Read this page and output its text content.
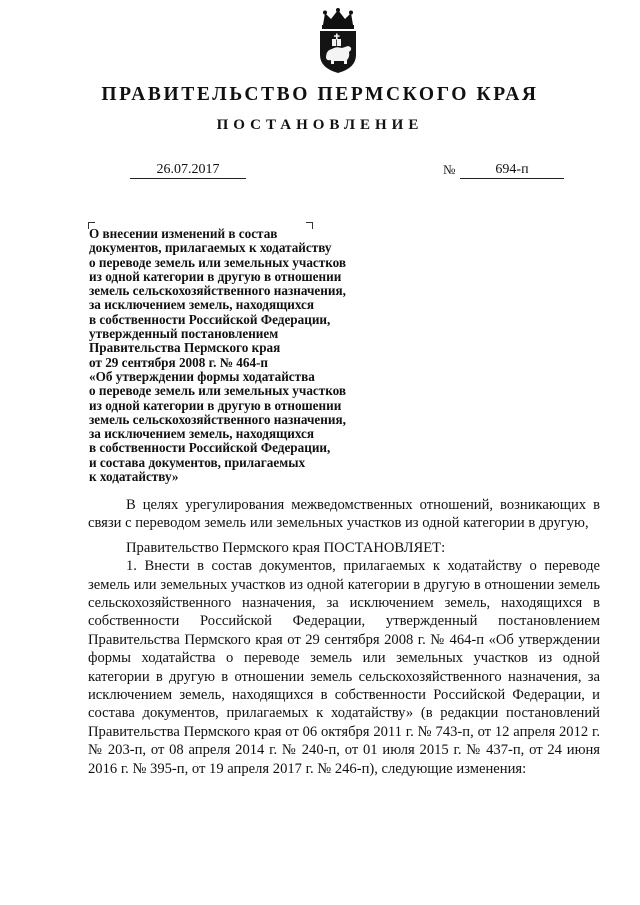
ПРАВИТЕЛЬСТВО ПЕРМСКОГО КРАЯ
ПОСТАНОВЛЕНИЕ
26.07.2017	№	694-п

О внесении изменений в состав
документов, прилагаемых к ходатайству
о переводе земель или земельных участков
из одной категории в другую в отношении
земель сельскохозяйственного назначения,
за исключением земель, находящихся
в собственности Российской Федерации,
утвержденный постановлением
Правительства Пермского края
от 29 сентября 2008 г. № 464-п
«Об утверждении формы ходатайства
о переводе земель или земельных участков
из одной категории в другую в отношении
земель сельскохозяйственного назначения,
за исключением земель, находящихся
в собственности Российской Федерации,
и состава документов, прилагаемых
к ходатайству»

В целях урегулирования межведомственных отношений, возникающих в связи с переводом земель или земельных участков из одной категории в другую,

Правительство Пермского края ПОСТАНОВЛЯЕТ:

1. Внести в состав документов, прилагаемых к ходатайству о переводе земель или земельных участков из одной категории в другую в отношении земель сельскохозяйственного назначения, за исключением земель, находящихся в собственности Российской Федерации, утвержденный постановлением Правительства Пермского края от 29 сентября 2008 г. № 464-п «Об утверждении формы ходатайства о переводе земель или земельных участков из одной категории в другую в отношении земель сельскохозяйственного назначения, за исключением земель, находящихся в собственности Российской Федерации, и состава документов, прилагаемых к ходатайству» (в редакции постановлений Правительства Пермского края от 06 октября 2011 г. № 743-п, от 12 апреля 2012 г. № 203-п, от 08 апреля 2014 г. № 240-п, от 01 июля 2015 г. № 437-п, от 24 июня 2016 г. № 395-п, от 19 апреля 2017 г. № 246-п), следующие изменения:
